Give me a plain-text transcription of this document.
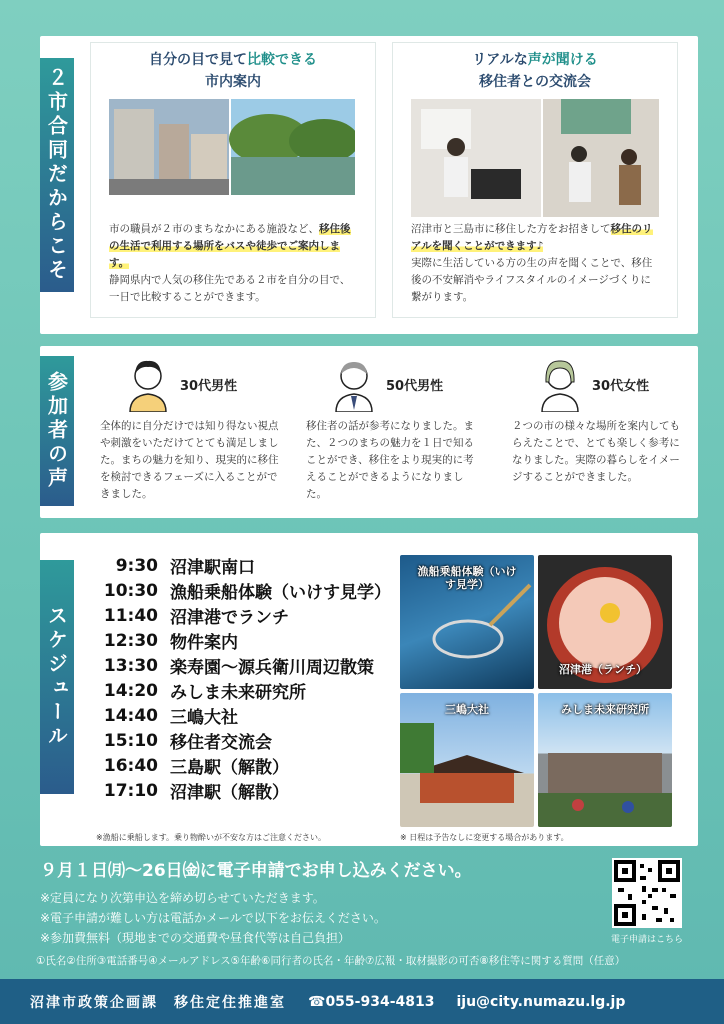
２市合同だからこそ
自分の目で見て比較できる
市内案内
市の職員が２市のまちなかにある施設など、移住後の生活で利用する場所をバスや徒歩でご案内します。
静岡県内で人気の移住先である２市を自分の目で、一日で比較することができます。
リアルな声が聞ける
移住者との交流会
沼津市と三島市に移住した方をお招きして移住のリアルを聞くことができます♪
実際に生活している方の生の声を聞くことで、移住後の不安解消やライフスタイルのイメージづくりに繋がります。
参加者の声	30代男性
全体的に自分だけでは知り得ない視点や刺激をいただけてとても満足しました。まちの魅力を知り、現実的に移住を検討できるフェーズに入ることができました。
50代男性
移住者の話が参考になりました。また、２つのまちの魅力を１日で知ることができ、移住をより現実的に考えることができるようになりました。
30代女性
２つの市の様々な場所を案内してもらえたことで、とても楽しく参考になりました。実際の暮らしをイメージすることができました。
スケジュール
9:30 沼津駅南口
10:30 漁船乗船体験（いけす見学）
11:40 沼津港でランチ
12:30 物件案内
13:30 楽寿園～源兵衛川周辺散策
14:20 みしま未来研究所
14:40 三嶋大社
15:10 移住者交流会
16:40 三島駅（解散）
17:10 沼津駅（解散）
漁船乗船体験（いけす見学）
沼津港（ランチ）
三嶋大社	みしま未来研究所
※漁船に乗船します。乗り物酔いが不安な方はご注意ください。	※ 日程は予告なしに変更する場合があります。
９月１日㈪～26日㈮に電子申請でお申し込みください。
※定員になり次第申込を締め切らせていただきます。
※電子申請が難しい方は電話かメールで以下をお伝えください。
※参加費無料（現地までの交通費や昼食代等は自己負担）
①氏名②住所③電話番号④メールアドレス⑤年齢⑥同行者の氏名・年齢⑦広報・取材撮影の可否⑧移住等に関する質問（任意）
電子申請はこちら
沼津市政策企画課　移住定住推進室 ☎055-934-4813 iju@city.numazu.lg.jp
